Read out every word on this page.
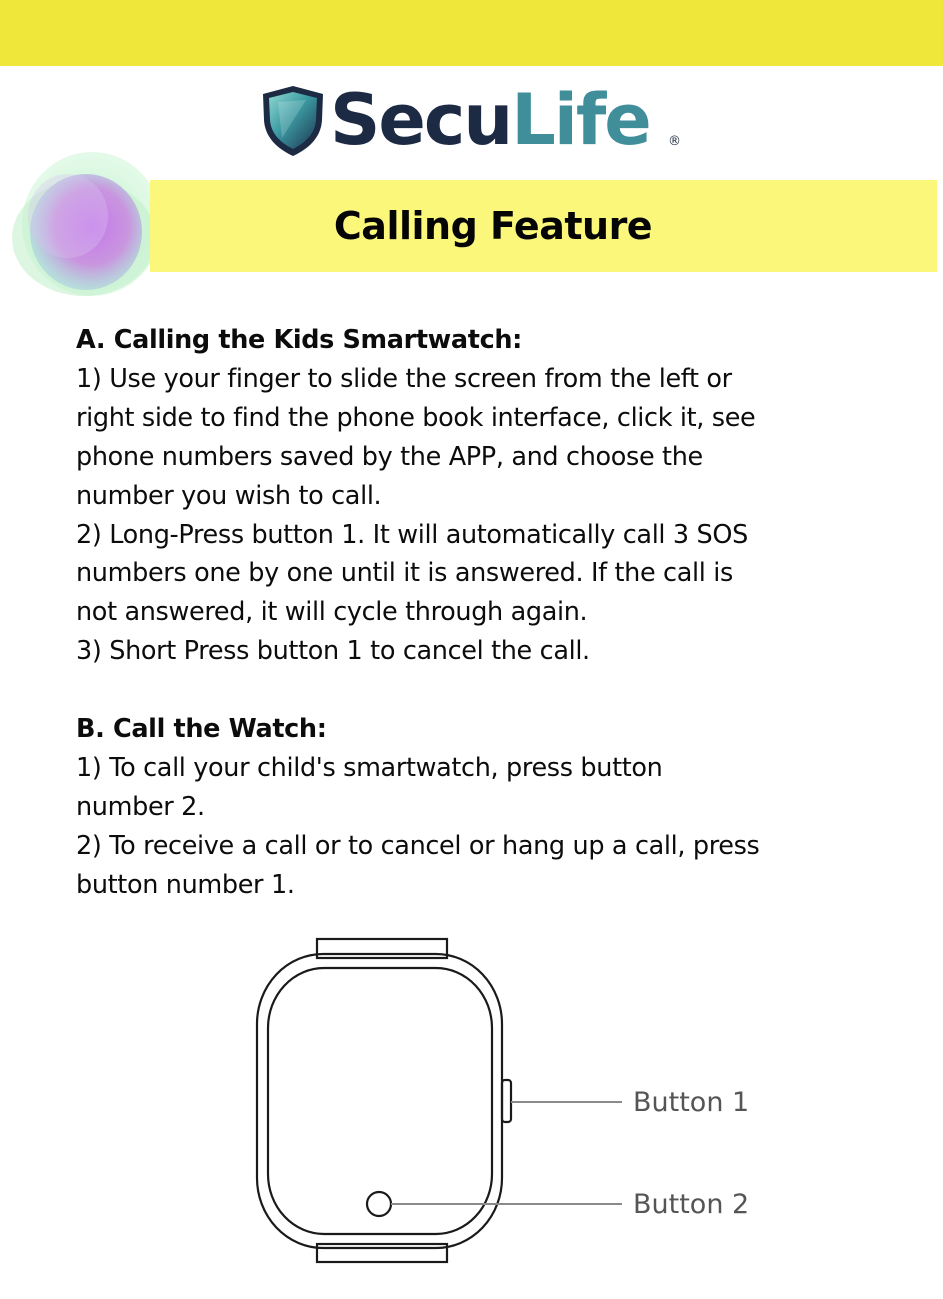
SecuLife ®
Calling Feature
A. Calling the Kids Smartwatch:
1) Use your finger to slide the screen from the left or
right side to find the phone book interface, click it, see
phone numbers saved by the APP, and choose the
number you wish to call.
2) Long-Press button 1. It will automatically call 3 SOS
numbers one by one until it is answered. If the call is
not answered, it will cycle through again.
3) Short Press button 1 to cancel the call.
B. Call the Watch:
1) To call your child's smartwatch, press button
number 2.
2) To receive a call or to cancel or hang up a call, press
button number 1.
Button 1
Button 2
